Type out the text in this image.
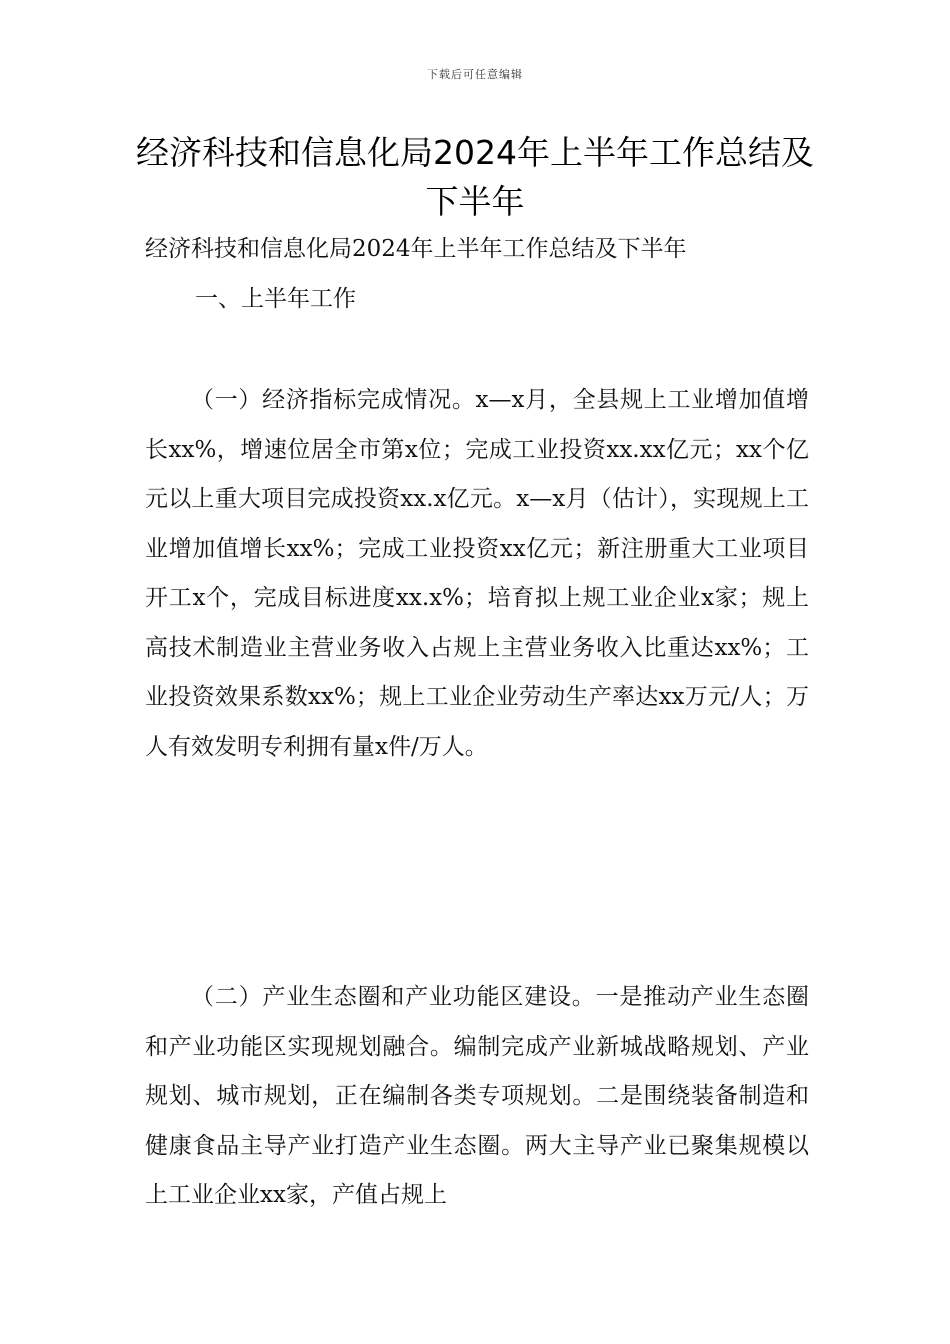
下载后可任意编辑
经济科技和信息化局2024年上半年工作总结及下半年

经济科技和信息化局2024年上半年工作总结及下半年

一、上半年工作

（一）经济指标完成情况。x—x月，全县规上工业增加值增长xx%，增速位居全市第x位；完成工业投资xx.xx亿元；xx个亿元以上重大项目完成投资xx.x亿元。x—x月（估计），实现规上工业增加值增长xx%；完成工业投资xx亿元；新注册重大工业项目开工x个，完成目标进度xx.x%；培育拟上规工业企业x家；规上高技术制造业主营业务收入占规上主营业务收入比重达xx%；工业投资效果系数xx%；规上工业企业劳动生产率达xx万元/人；万人有效发明专利拥有量x件/万人。

（二）产业生态圈和产业功能区建设。一是推动产业生态圈和产业功能区实现规划融合。编制完成产业新城战略规划、产业规划、城市规划，正在编制各类专项规划。二是围绕装备制造和健康食品主导产业打造产业生态圈。两大主导产业已聚集规模以上工业企业xx家，产值占规上
